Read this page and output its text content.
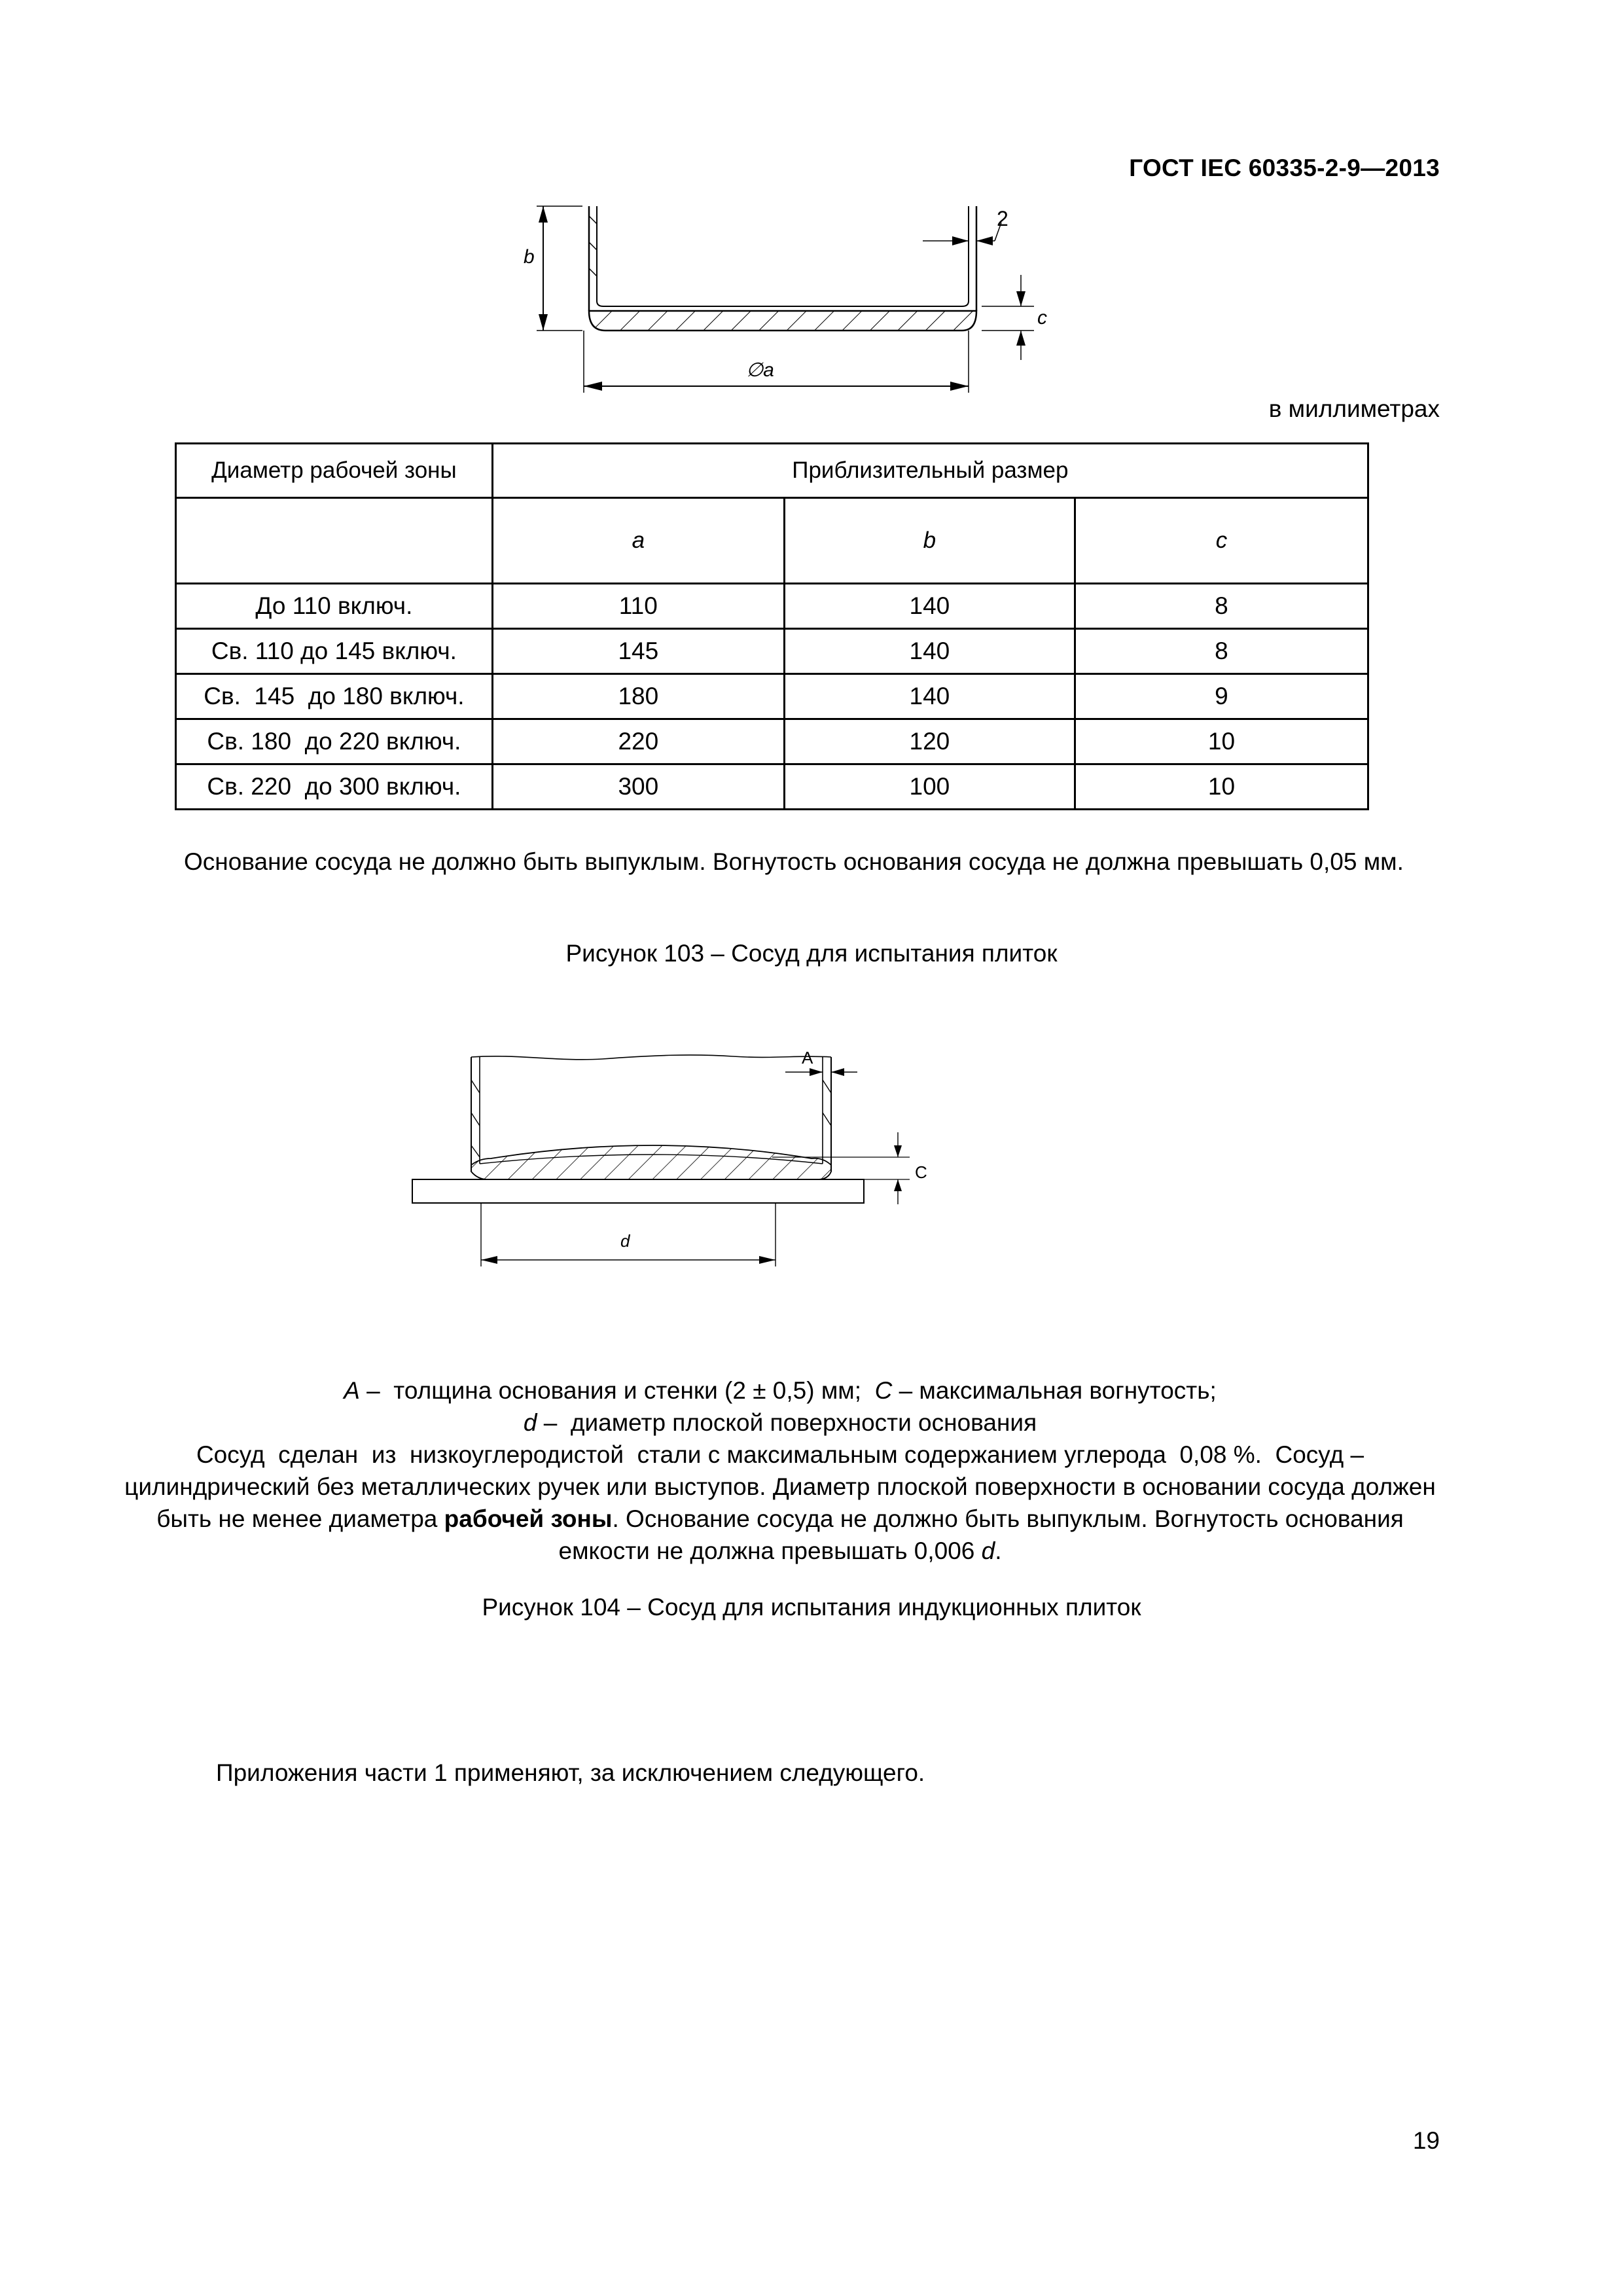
ГОСТ IEC 60335-2-9—2013
b
2
c
∅a
в миллиметрах
Диаметр рабочей зоны	Приблизительный размер		
	a	b	c
До 110 включ.	110	140	8
Св. 110 до 145 включ.	145	140	8
Св.  145  до 180 включ.	180	140	9
Св. 180  до 220 включ.	220	120	10
Св. 220  до 300 включ.	300	100	10
Основание сосуда не должно быть выпуклым. Вогнутость основания сосуда не должна превышать 0,05 мм.
Рисунок 103 – Сосуд для испытания плиток
A
C
d

A –  толщина основания и стенки (2 ± 0,5) мм;  C – максимальная вогнутость;

d –  диаметр плоской поверхности основания

Сосуд  сделан  из  низкоуглеродистой  стали с максимальным содержанием углерода  0,08 %.  Сосуд – цилиндрический без металлических ручек или выступов. Диаметр плоской поверхности в основании сосуда должен быть не менее диаметра рабочей зоны. Основание сосуда не должно быть выпуклым. Вогнутость основания емкости не должна превышать 0,006 d.
Рисунок 104 – Сосуд для испытания индукционных плиток
Приложения части 1 применяют, за исключением следующего.
19
